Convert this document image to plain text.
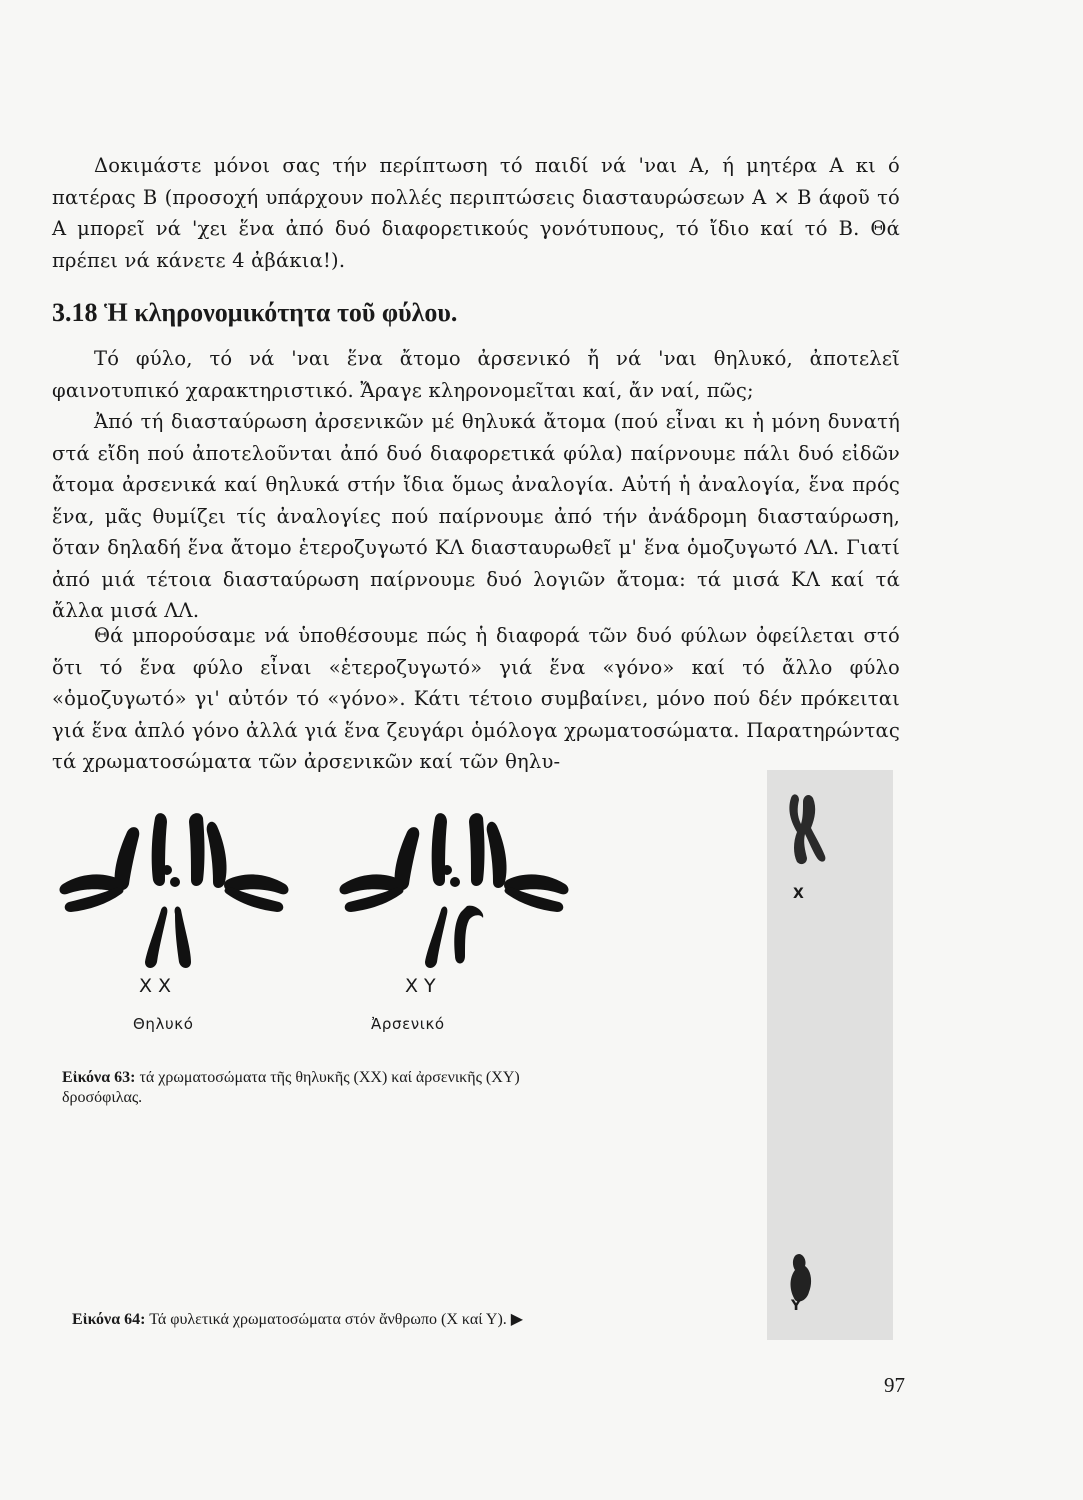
Δοκιμάστε μόνοι σας τήν περίπτωση τό παιδί νά 'ναι Α, ή μητέρα Α κι ό πατέρας Β (προσοχή υπάρχουν πολλές περιπτώσεις διασταυρώσεων Α × Β άφοῦ τό Α μπορεῖ νά 'χει ἕνα ἀπό δυό διαφορετικούς γονότυπους, τό ἴδιο καί τό Β. Θά πρέπει νά κάνετε 4 ἀβάκια!).

3.18 Ἡ κληρονομικότητα τοῦ φύλου.

Τό φύλο, τό νά 'ναι ἕνα ἄτομο ἀρσενικό ἤ νά 'ναι θηλυκό, ἀποτελεῖ φαινοτυπικό χαρακτηριστικό. Ἄραγε κληρονομεῖται καί, ἄν ναί, πῶς;

Ἀπό τή διασταύρωση ἀρσενικῶν μέ θηλυκά ἄτομα (πού εἶναι κι ἡ μόνη δυνατή στά εἴδη πού ἀποτελοῦνται ἀπό δυό διαφορετικά φύλα) παίρνουμε πάλι δυό εἰδῶν ἄτομα ἀρσενικά καί θηλυκά στήν ἴδια ὅμως ἀναλογία. Αὐτή ἡ ἀναλογία, ἕνα πρός ἕνα, μᾶς θυμίζει τίς ἀναλογίες πού παίρνουμε ἀπό τήν ἀνάδρομη διασταύρωση, ὅταν δηλαδή ἕνα ἄτομο ἑτεροζυγωτό ΚΛ διασταυρωθεῖ μ' ἕνα ὁμοζυγωτό ΛΛ. Γιατί ἀπό μιά τέτοια διασταύρωση παίρνουμε δυό λογιῶν ἄτομα: τά μισά ΚΛ καί τά ἄλλα μισά ΛΛ.

Θά μπορούσαμε νά ὑποθέσουμε πώς ἡ διαφορά τῶν δυό φύλων ὀφείλεται στό ὅτι τό ἕνα φύλο εἶναι «ἑτεροζυγωτό» γιά ἕνα «γόνο» καί τό ἄλλο φύλο «ὁμοζυγωτό» γι' αὐτόν τό «γόνο». Κάτι τέτοιο συμβαίνει, μόνο πού δέν πρόκειται γιά ἕνα ἁπλό γόνο ἀλλά γιά ἕνα ζευγάρι ὁμόλογα χρωματοσώματα. Παρατηρώντας τά χρωματοσώματα τῶν ἀρσενικῶν καί τῶν θηλυ-

X X	X Y
Θηλυκό	Ἀρσενικό

Εἰκόνα 63: τά χρωματοσώματα τῆς θηλυκῆς (ΧΧ) καί ἀρσενικῆς (ΧΥ) δροσόφιλας.

X
Y

Εἰκόνα 64: Τά φυλετικά χρωματοσώματα στόν ἄνθρωπο (Χ καί Υ). ▶

97
